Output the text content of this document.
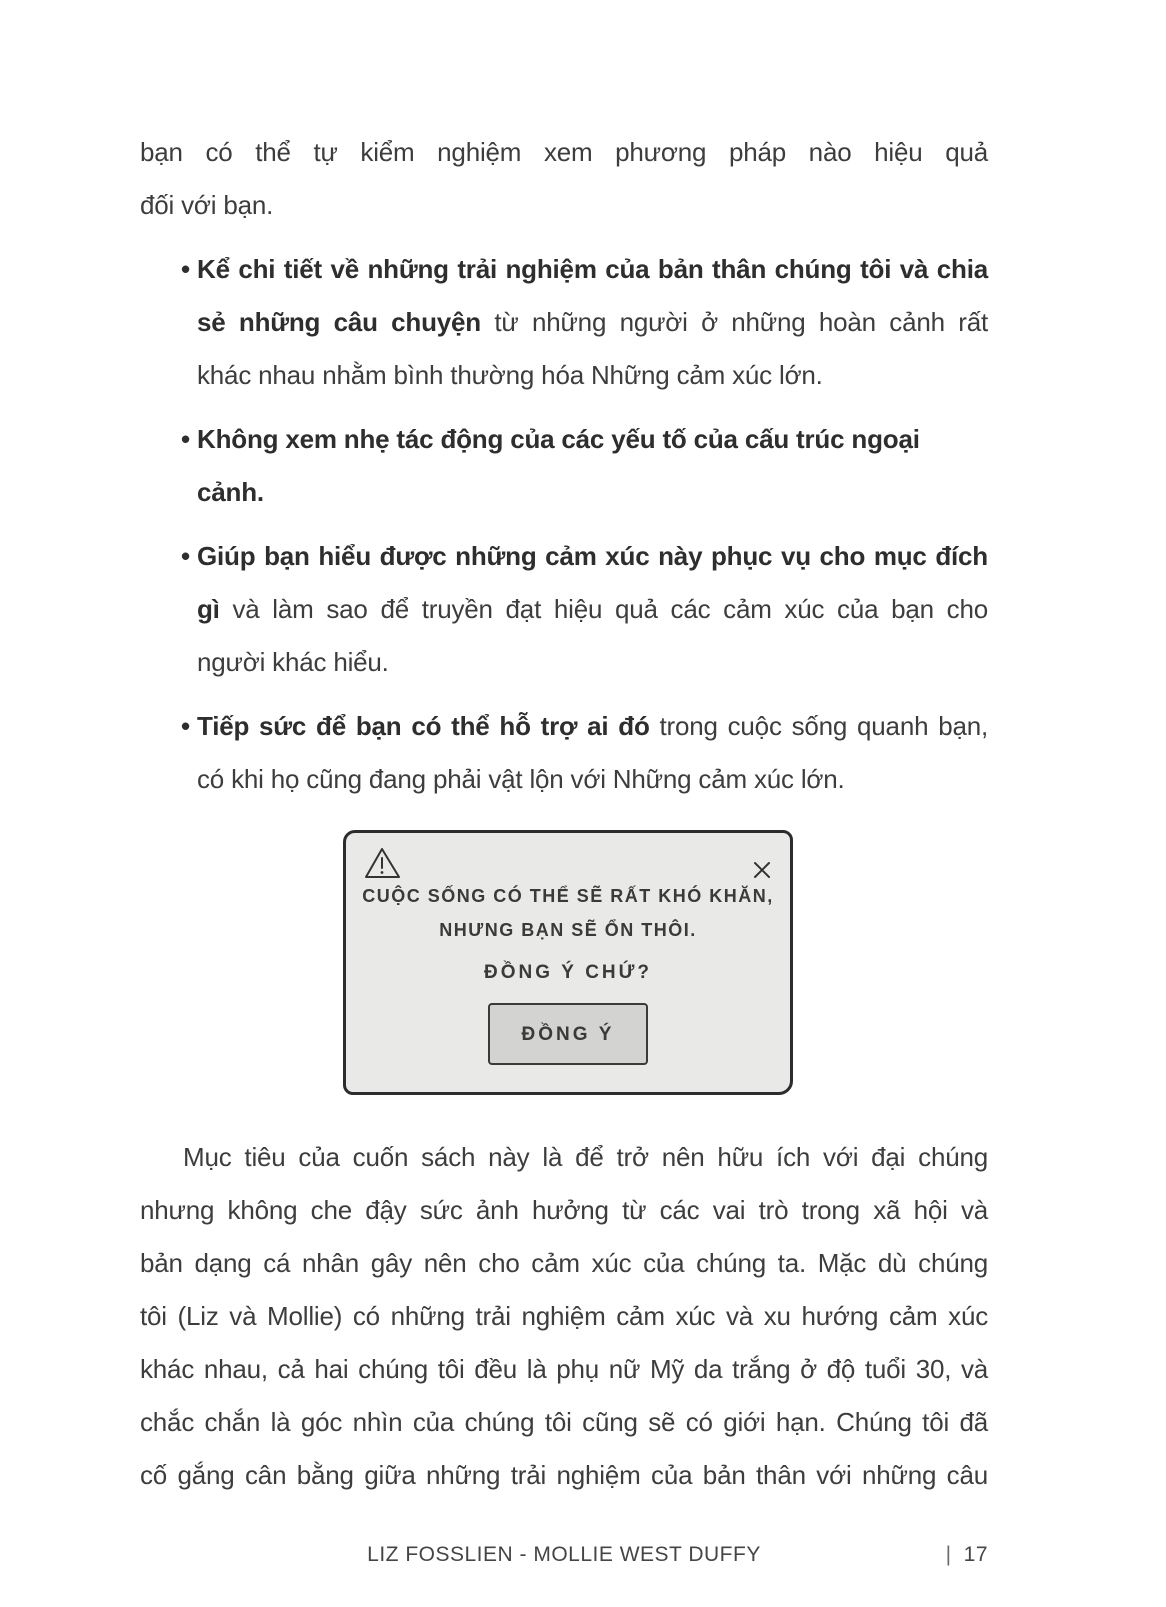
bạn có thể tự kiểm nghiệm xem phương pháp nào hiệu quả
đối với bạn.
• Kể chi tiết về những trải nghiệm của bản thân chúng tôi và chia
sẻ những câu chuyện từ những người ở những hoàn cảnh rất
khác nhau nhằm bình thường hóa Những cảm xúc lớn.
• Không xem nhẹ tác động của các yếu tố của cấu trúc ngoại cảnh.
• Giúp bạn hiểu được những cảm xúc này phục vụ cho mục đích
gì và làm sao để truyền đạt hiệu quả các cảm xúc của bạn cho
người khác hiểu.
• Tiếp sức để bạn có thể hỗ trợ ai đó trong cuộc sống quanh bạn,
có khi họ cũng đang phải vật lộn với Những cảm xúc lớn.
CUỘC SỐNG CÓ THỂ SẼ RẤT KHÓ KHĂN,
NHƯNG BẠN SẼ ỔN THÔI.
ĐỒNG Ý CHỨ?
ĐỒNG Ý
Mục tiêu của cuốn sách này là để trở nên hữu ích với đại chúng
nhưng không che đậy sức ảnh hưởng từ các vai trò trong xã hội và
bản dạng cá nhân gây nên cho cảm xúc của chúng ta. Mặc dù chúng
tôi (Liz và Mollie) có những trải nghiệm cảm xúc và xu hướng cảm xúc
khác nhau, cả hai chúng tôi đều là phụ nữ Mỹ da trắng ở độ tuổi 30, và
chắc chắn là góc nhìn của chúng tôi cũng sẽ có giới hạn. Chúng tôi đã
cố gắng cân bằng giữa những trải nghiệm của bản thân với những câu
LIZ FOSSLIEN - MOLLIE WEST DUFFY	| 17
